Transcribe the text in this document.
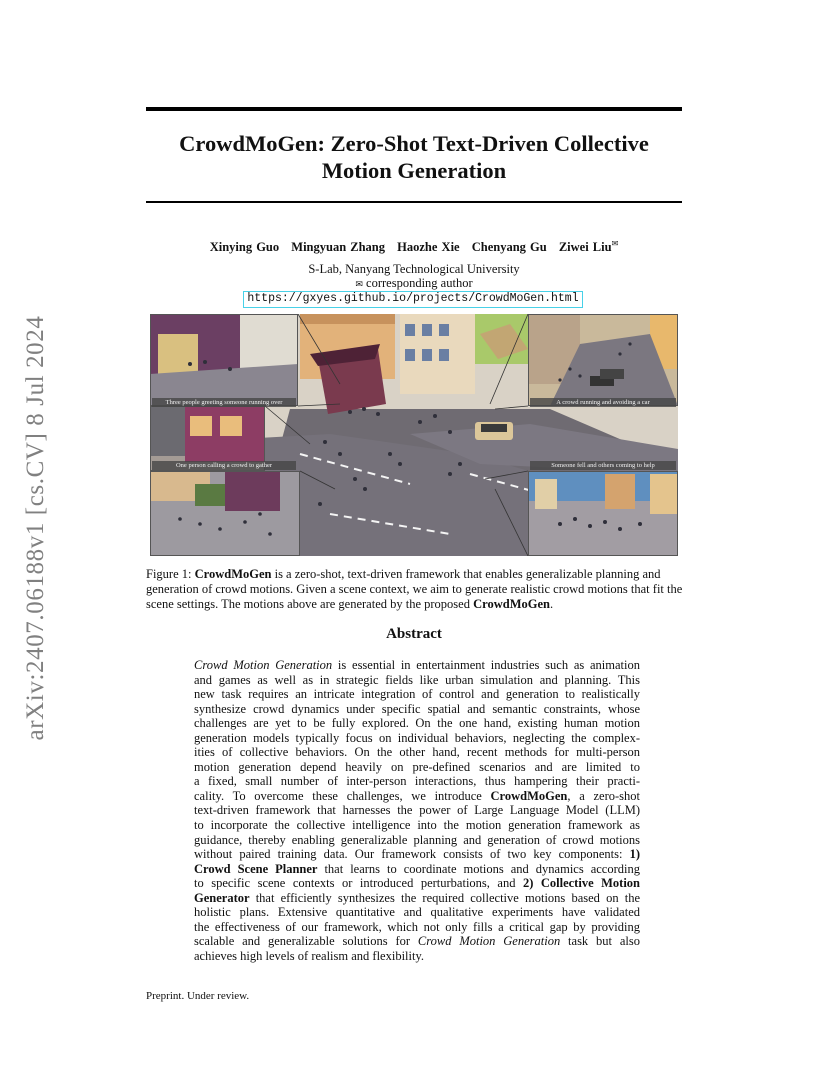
arXiv:2407.06188v1 [cs.CV] 8 Jul 2024
CrowdMoGen: Zero-Shot Text-Driven Collective
Motion Generation
Xinying Guo Mingyuan Zhang Haozhe Xie Chenyang Gu Ziwei Liu✉
S-Lab, Nanyang Technological University
✉ corresponding author
https://gxyes.github.io/projects/CrowdMoGen.html
Three people greeting someone running over	A crowd running and avoiding a car
One person calling a crowd to gather	Someone fell and others coming to help
Figure 1: CrowdMoGen is a zero-shot, text-driven framework that enables generalizable planning and generation of crowd motions. Given a scene context, we aim to generate realistic crowd motions that fit the scene settings. The motions above are generated by the proposed CrowdMoGen.
Abstract
Crowd Motion Generation is essential in entertainment industries such as animation
and games as well as in strategic fields like urban simulation and planning. This
new task requires an intricate integration of control and generation to realistically
synthesize crowd dynamics under specific spatial and semantic constraints, whose
challenges are yet to be fully explored. On the one hand, existing human motion
generation models typically focus on individual behaviors, neglecting the complex-
ities of collective behaviors. On the other hand, recent methods for multi-person
motion generation depend heavily on pre-defined scenarios and are limited to
a fixed, small number of inter-person interactions, thus hampering their practi-
cality. To overcome these challenges, we introduce CrowdMoGen, a zero-shot
text-driven framework that harnesses the power of Large Language Model (LLM)
to incorporate the collective intelligence into the motion generation framework as
guidance, thereby enabling generalizable planning and generation of crowd motions
without paired training data. Our framework consists of two key components: 1)
Crowd Scene Planner that learns to coordinate motions and dynamics according
to specific scene contexts or introduced perturbations, and 2) Collective Motion
Generator that efficiently synthesizes the required collective motions based on the
holistic plans. Extensive quantitative and qualitative experiments have validated
the effectiveness of our framework, which not only fills a critical gap by providing
scalable and generalizable solutions for Crowd Motion Generation task but also
achieves high levels of realism and flexibility.
Preprint. Under review.
